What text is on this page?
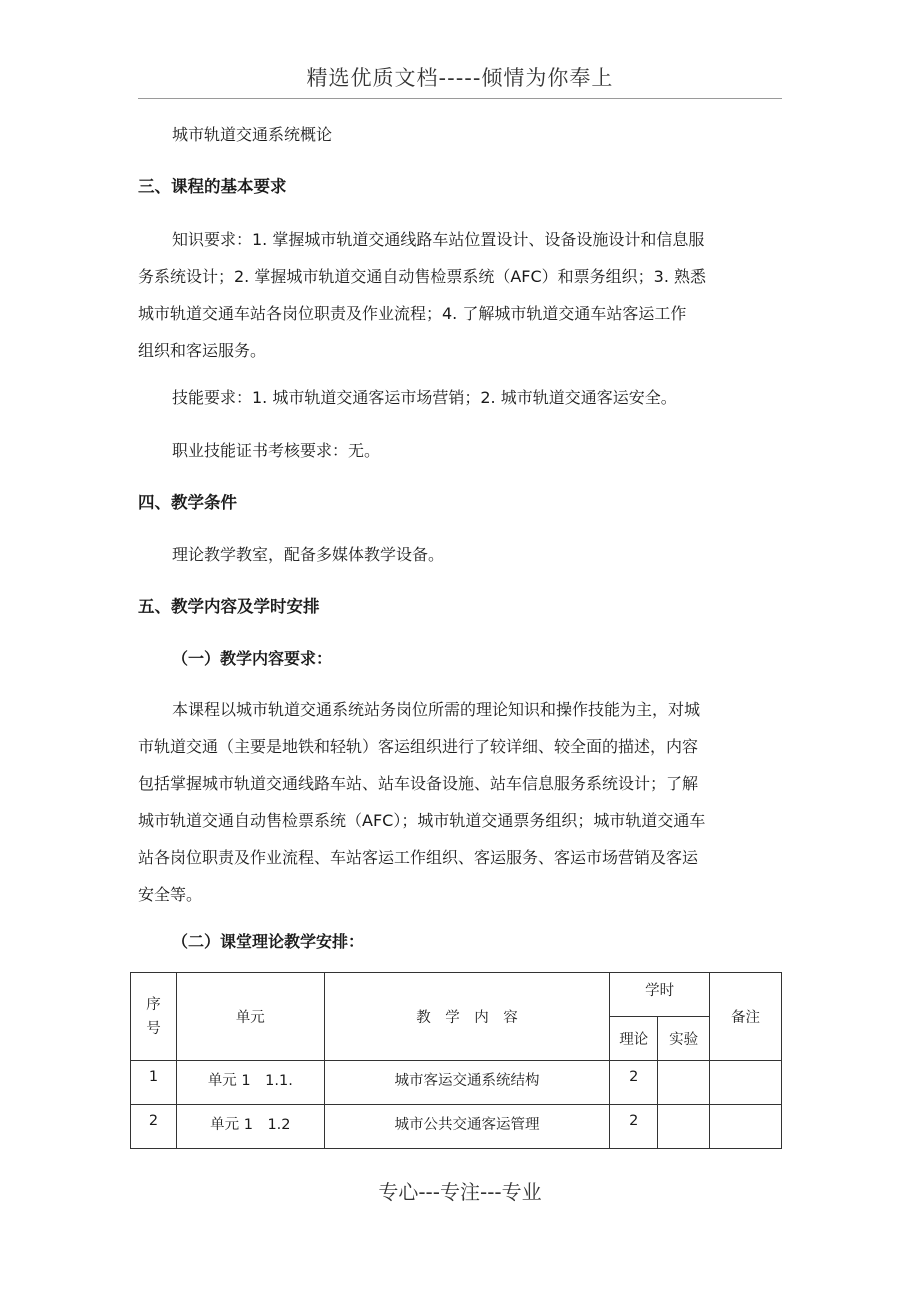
精选优质文档-----倾情为你奉上
城市轨道交通系统概论
三、课程的基本要求
知识要求：1. 掌握城市轨道交通线路车站位置设计、设备设施设计和信息服
务系统设计；2. 掌握城市轨道交通自动售检票系统（AFC）和票务组织；3. 熟悉
城市轨道交通车站各岗位职责及作业流程；4. 了解城市轨道交通车站客运工作
组织和客运服务。
技能要求：1. 城市轨道交通客运市场营销；2. 城市轨道交通客运安全。
职业技能证书考核要求：无。
四、教学条件
理论教学教室，配备多媒体教学设备。
五、教学内容及学时安排
（一）教学内容要求：
本课程以城市轨道交通系统站务岗位所需的理论知识和操作技能为主，对城
市轨道交通（主要是地铁和轻轨）客运组织进行了较详细、较全面的描述，内容
包括掌握城市轨道交通线路车站、站车设备设施、站车信息服务系统设计；了解
城市轨道交通自动售检票系统（AFC）；城市轨道交通票务组织；城市轨道交通车
站各岗位职责及作业流程、车站客运工作组织、客运服务、客运市场营销及客运
安全等。
（二）课堂理论教学安排：
序
号	单元	教　学　内　容	学时		备注
			理论	实验	
1	单元 1　1.1.	城市客运交通系统结构	2		
2	单元 1　1.2	城市公共交通客运管理	2		
专心---专注---专业
